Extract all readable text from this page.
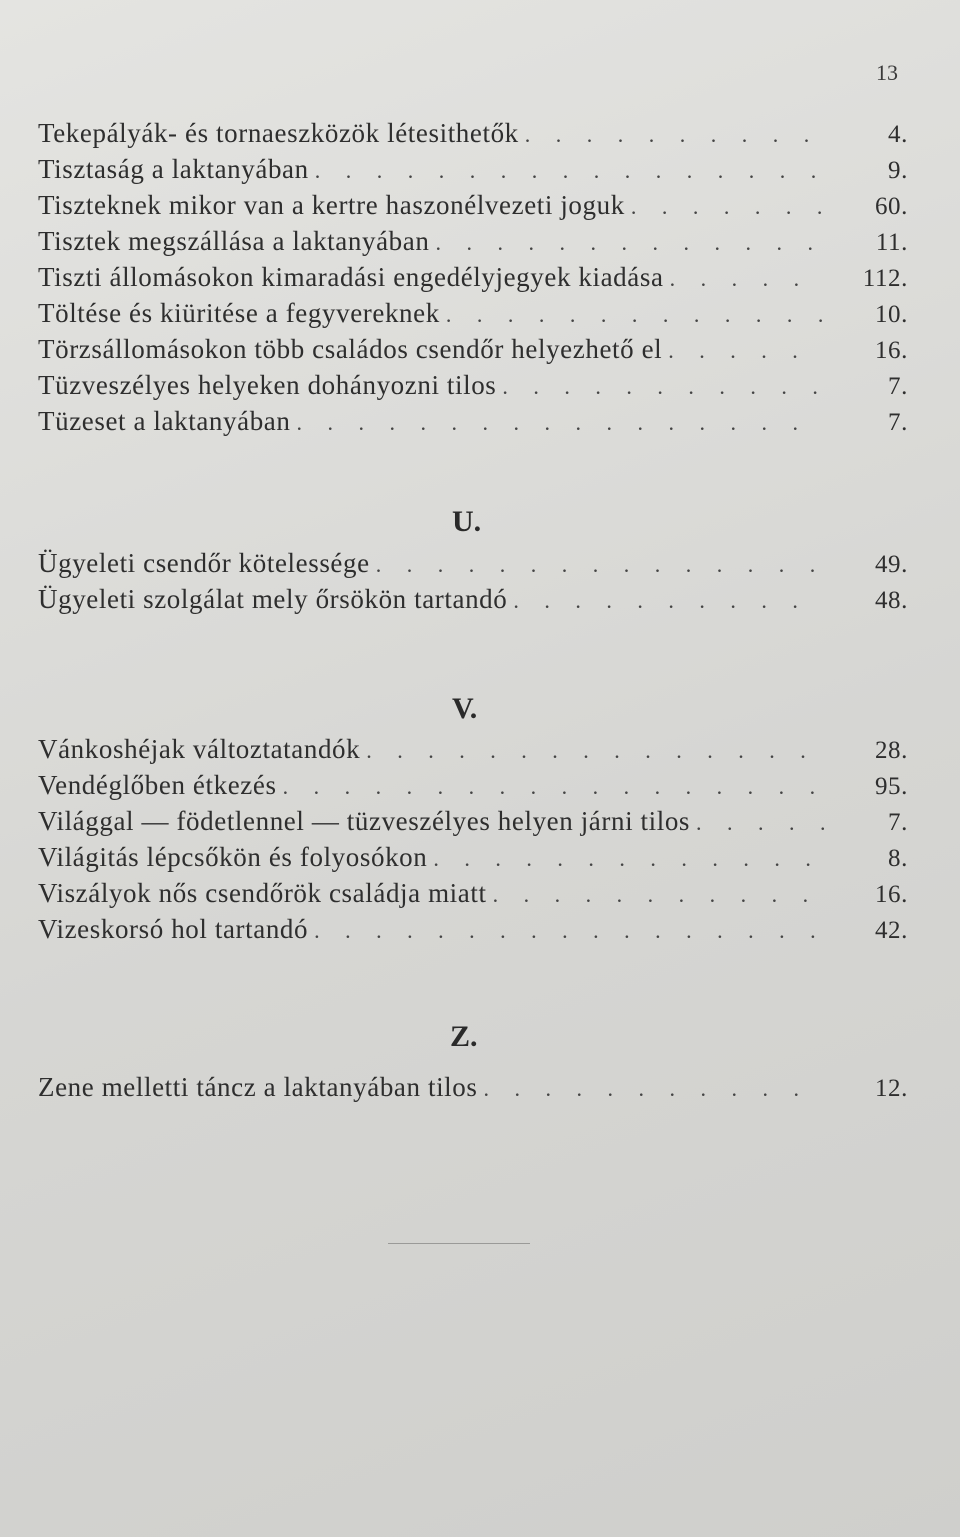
13
Tekepályák- és tornaeszközök létesithetők . . .	4.
Tisztaság a laktanyában . . .	9.
Tiszteknek mikor van a kertre haszonélvezeti joguk . . .	60.
Tisztek megszállása a laktanyában . . .	11.
Tiszti állomásokon kimaradási engedélyjegyek kiadása . . .	112.
Töltése és kiüritése a fegyvereknek . . .	10.
Törzsállomásokon több családos csendőr helyezhető el . . .	16.
Tüzveszélyes helyeken dohányozni tilos . . .	7.
Tüzeset a laktanyában . . .	7.
U.
Ügyeleti csendőr kötelessége . . .	49.
Ügyeleti szolgálat mely őrsökön tartandó . . .	48.
V.
Vánkoshéjak változtatandók . . .	28.
Vendéglőben étkezés . . .	95.
Világgal — födetlennel — tüzveszélyes helyen járni tilos . . .	7.
Világitás lépcsőkön és folyosókon . . .	8.
Viszályok nős csendőrök családja miatt . . .	16.
Vizeskorsó hol tartandó . . .	42.
Z.
Zene melletti táncz a laktanyában tilos . . .	12.
